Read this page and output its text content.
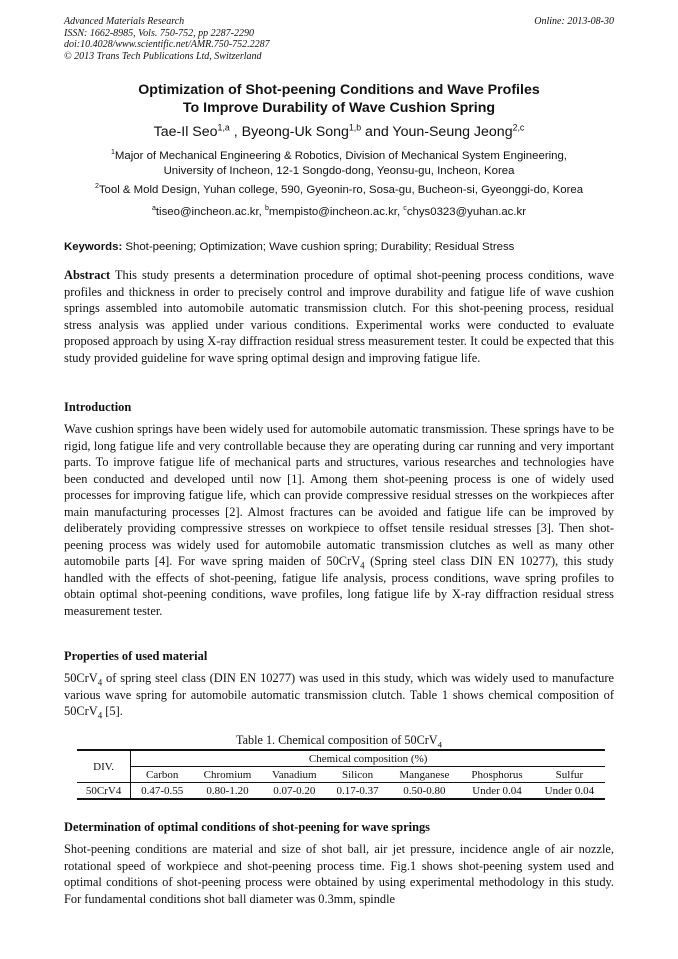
Advanced Materials Research
ISSN: 1662-8985, Vols. 750-752, pp 2287-2290
doi:10.4028/www.scientific.net/AMR.750-752.2287
© 2013 Trans Tech Publications Ltd, Switzerland
Online: 2013-08-30
Optimization of Shot-peening Conditions and Wave Profiles
To Improve Durability of Wave Cushion Spring
Tae-Il Seo$^{1,a}$ , Byeong-Uk Song$^{1,b}$ and Youn-Seung Jeong$^{2,c}$
$^1$Major of Mechanical Engineering & Robotics, Division of Mechanical System Engineering,
University of Incheon, 12-1 Songdo-dong, Yeonsu-gu, Incheon, Korea
$^2$Tool & Mold Design, Yuhan college, 590, Gyeonin-ro, Sosa-gu, Bucheon-si, Gyeonggi-do, Korea
$^a$tiseo@incheon.ac.kr, $^b$mempisto@incheon.ac.kr, $^c$chys0323@yuhan.ac.kr
Keywords: Shot-peening; Optimization; Wave cushion spring; Durability; Residual Stress

Abstract This study presents a determination procedure of optimal shot-peening process conditions, wave profiles and thickness in order to precisely control and improve durability and fatigue life of wave cushion springs assembled into automobile automatic transmission clutch. For this shot-peening process, residual stress analysis was applied under various conditions. Experimental works were conducted to evaluate proposed approach by using X-ray diffraction residual stress measurement tester. It could be expected that this study provided guideline for wave spring optimal design and improving fatigue life.

Introduction

Wave cushion springs have been widely used for automobile automatic transmission. These springs have to be rigid, long fatigue life and very controllable because they are operating during car running and very important parts. To improve fatigue life of mechanical parts and structures, various researches and technologies have been conducted and developed until now [1]. Among them shot-peening process is one of widely used processes for improving fatigue life, which can provide compressive residual stresses on the workpieces after main manufacturing processes [2]. Almost fractures can be avoided and fatigue life can be improved by deliberately providing compressive stresses on workpiece to offset tensile residual stresses [3]. Then shot-peening process was widely used for automobile automatic transmission clutches as well as many other automobile parts [4]. For wave spring maiden of 50CrV$_4$ (Spring steel class DIN EN 10277), this study handled with the effects of shot-peening, fatigue life analysis, process conditions, wave spring profiles to obtain optimal shot-peening conditions, wave profiles, long fatigue life by X-ray diffraction residual stress measurement tester.

Properties of used material

50CrV$_4$ of spring steel class (DIN EN 10277) was used in this study, which was widely used to manufacture various wave spring for automobile automatic transmission clutch. Table 1 shows chemical composition of 50CrV$_4$ [5].

Table 1. Chemical composition of 50CrV$_4$
DIV.	Chemical composition (%)						
	Carbon	Chromium	Vanadium	Silicon	Manganese	Phosphorus	Sulfur
50CrV4	0.47-0.55	0.80-1.20	0.07-0.20	0.17-0.37	0.50-0.80	Under 0.04	Under 0.04

Determination of optimal conditions of shot-peening for wave springs

Shot-peening conditions are material and size of shot ball, air jet pressure, incidence angle of air nozzle, rotational speed of workpiece and shot-peening process time. Fig.1 shows shot-peening system used and optimal conditions of shot-peening process were obtained by using experimental methodology in this study. For fundamental conditions shot ball diameter was 0.3mm, spindle
